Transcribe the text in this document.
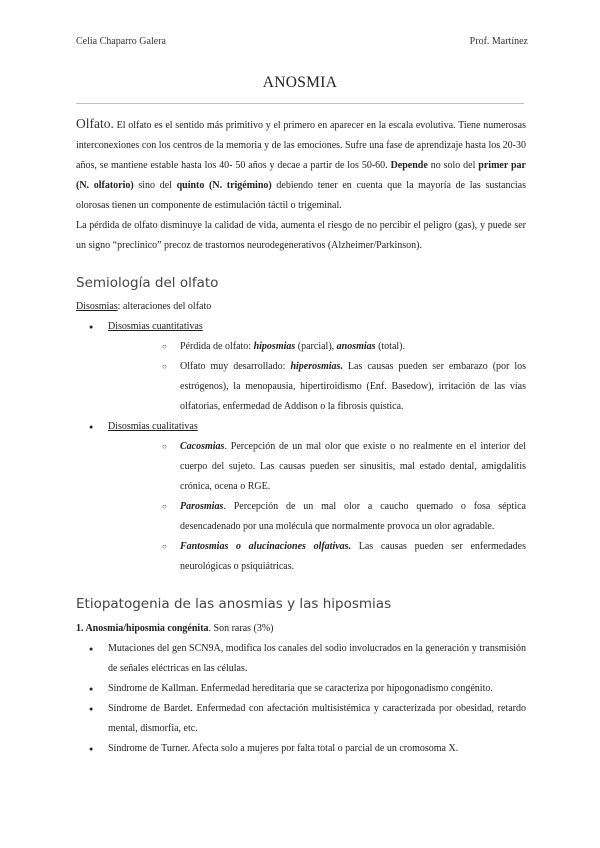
Celia Chaparro Galera	Prof. Martínez
ANOSMIA

Olfato. El olfato es el sentido más primitivo y el primero en aparecer en la escala evolutiva. Tiene numerosas interconexiones con los centros de la memoria y de las emociones. Sufre una fase de aprendizaje hasta los 20-30 años, se mantiene estable hasta los 40- 50 años y decae a partir de los 50-60. Depende no solo del primer par (N. olfatorio) sino del quinto (N. trigémino) debiendo tener en cuenta que la mayoría de las sustancias olorosas tienen un componente de estimulación táctil o trigeminal.

La pérdida de olfato disminuye la calidad de vida, aumenta el riesgo de no percibir el peligro (gas), y puede ser un signo “preclínico” precoz de trastornos neurodegenerativos (Alzheimer/Parkinson).

Semiología del olfato

Disosmias: alteraciones del olfato

● Disosmias cuantitativas
○ Pérdida de olfato: hiposmias (parcial), anosmias (total).
○ Olfato muy desarrollado: hiperosmias. Las causas pueden ser embarazo (por los estrógenos), la menopausia, hipertiroidismo (Enf. Basedow), irritación de las vías olfatorias, enfermedad de Addison o la fibrosis quística.
● Disosmias cualitativas
○ Cacosmias. Percepción de un mal olor que existe o no realmente en el interior del cuerpo del sujeto. Las causas pueden ser sinusitis, mal estado dental, amigdalitis crónica, ocena o RGE.
○ Parosmias. Percepción de un mal olor a caucho quemado o fosa séptica desencadenado por una molécula que normalmente provoca un olor agradable.
○ Fantosmias o alucinaciones olfativas. Las causas pueden ser enfermedades neurológicas o psiquiátricas.
Etiopatogenia de las anosmias y las hiposmias

1. Anosmia/hiposmia congénita. Son raras (3%)

● Mutaciones del gen SCN9A, modifica los canales del sodio involucrados en la generación y transmisión de señales eléctricas en las células.
● Síndrome de Kallman. Enfermedad hereditaria que se caracteriza por hipogonadismo congénito.
● Síndrome de Bardet. Enfermedad con afectación multisistémica y caracterizada por obesidad, retardo mental, dismorfia, etc.
● Síndrome de Turner. Afecta solo a mujeres por falta total o parcial de un cromosoma X.
